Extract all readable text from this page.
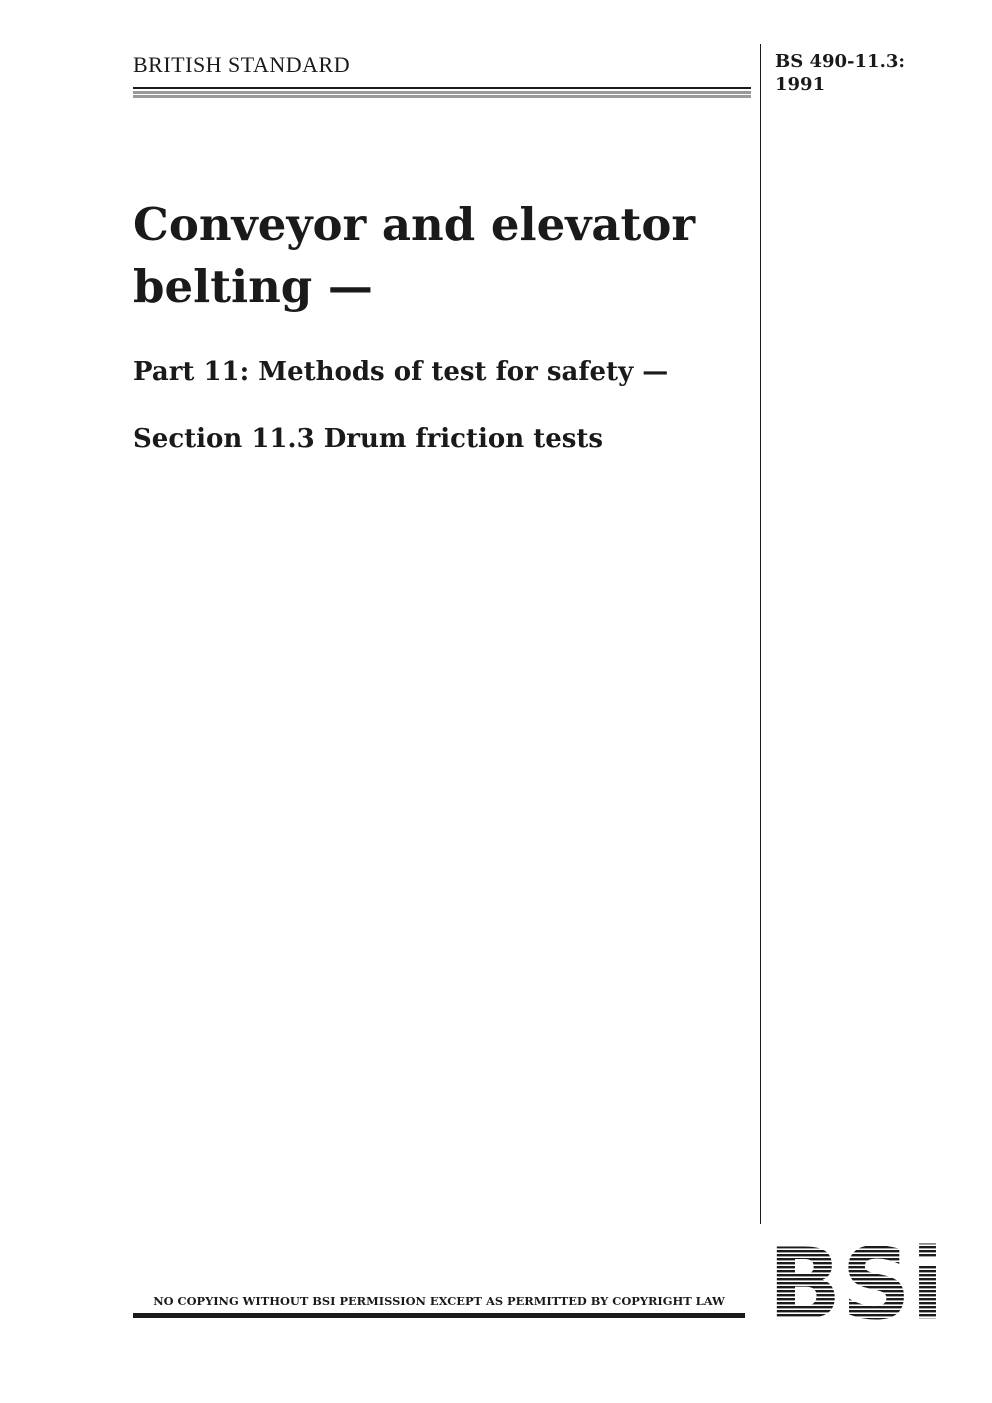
BRITISH STANDARD	BS 490-11.3:
1991
Conveyor and elevator
belting —
Part 11: Methods of test for safety —
Section 11.3 Drum friction tests
NO COPYING WITHOUT BSI PERMISSION EXCEPT AS PERMITTED BY COPYRIGHT LAW
